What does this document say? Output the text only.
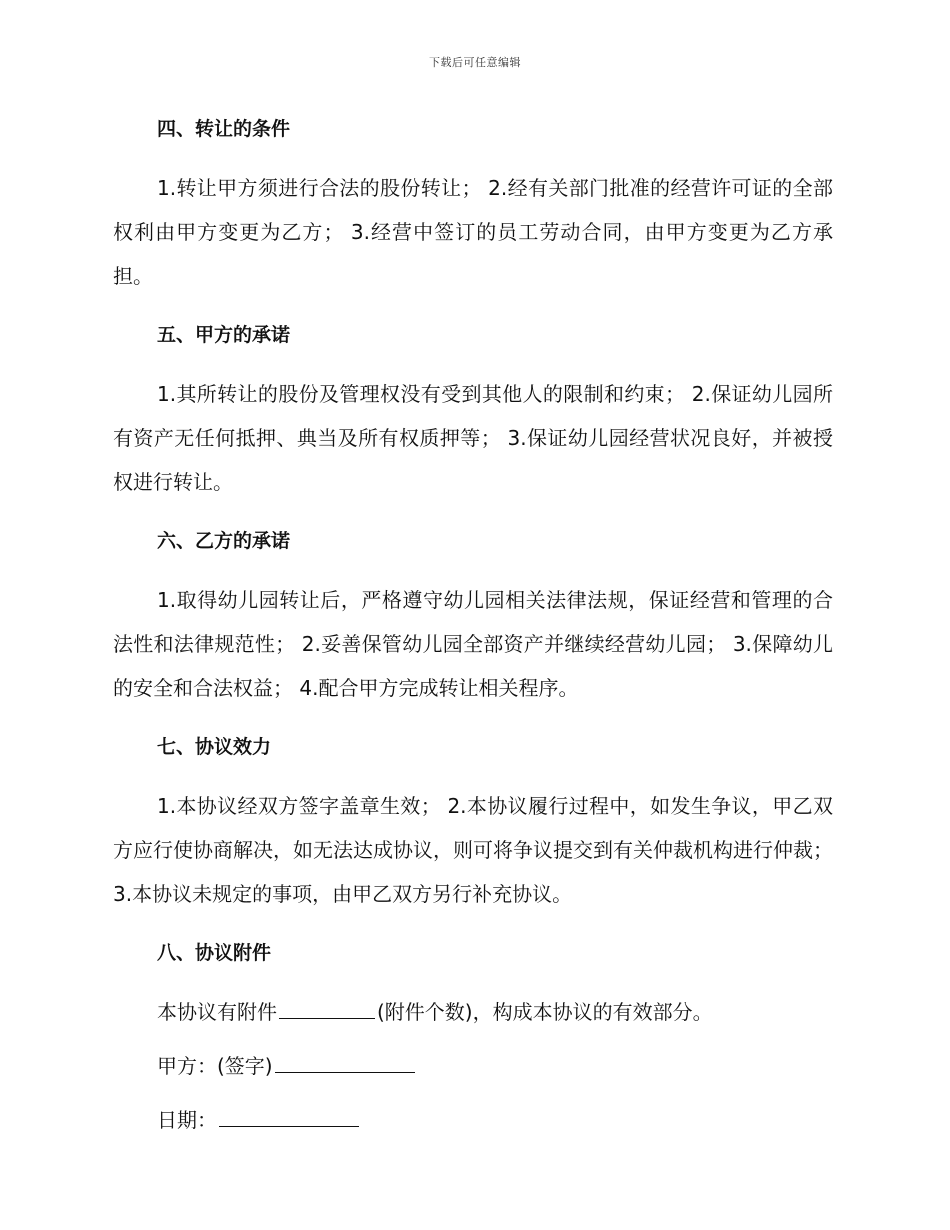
下载后可任意编辑
四、转让的条件

1.转让甲方须进行合法的股份转让； 2.经有关部门批准的经营许可证的全部权利由甲方变更为乙方； 3.经营中签订的员工劳动合同，由甲方变更为乙方承担。

五、甲方的承诺

1.其所转让的股份及管理权没有受到其他人的限制和约束； 2.保证幼儿园所有资产无任何抵押、典当及所有权质押等； 3.保证幼儿园经营状况良好，并被授权进行转让。

六、乙方的承诺

1.取得幼儿园转让后，严格遵守幼儿园相关法律法规，保证经营和管理的合法性和法律规范性； 2.妥善保管幼儿园全部资产并继续经营幼儿园； 3.保障幼儿的安全和合法权益； 4.配合甲方完成转让相关程序。

七、协议效力

1.本协议经双方签字盖章生效； 2.本协议履行过程中，如发生争议，甲乙双方应行使协商解决，如无法达成协议，则可将争议提交到有关仲裁机构进行仲裁； 3.本协议未规定的事项，由甲乙双方另行补充协议。

八、协议附件

本协议有附件	(附件个数)，构成本协议的有效部分。

甲方：(签字)

日期：
